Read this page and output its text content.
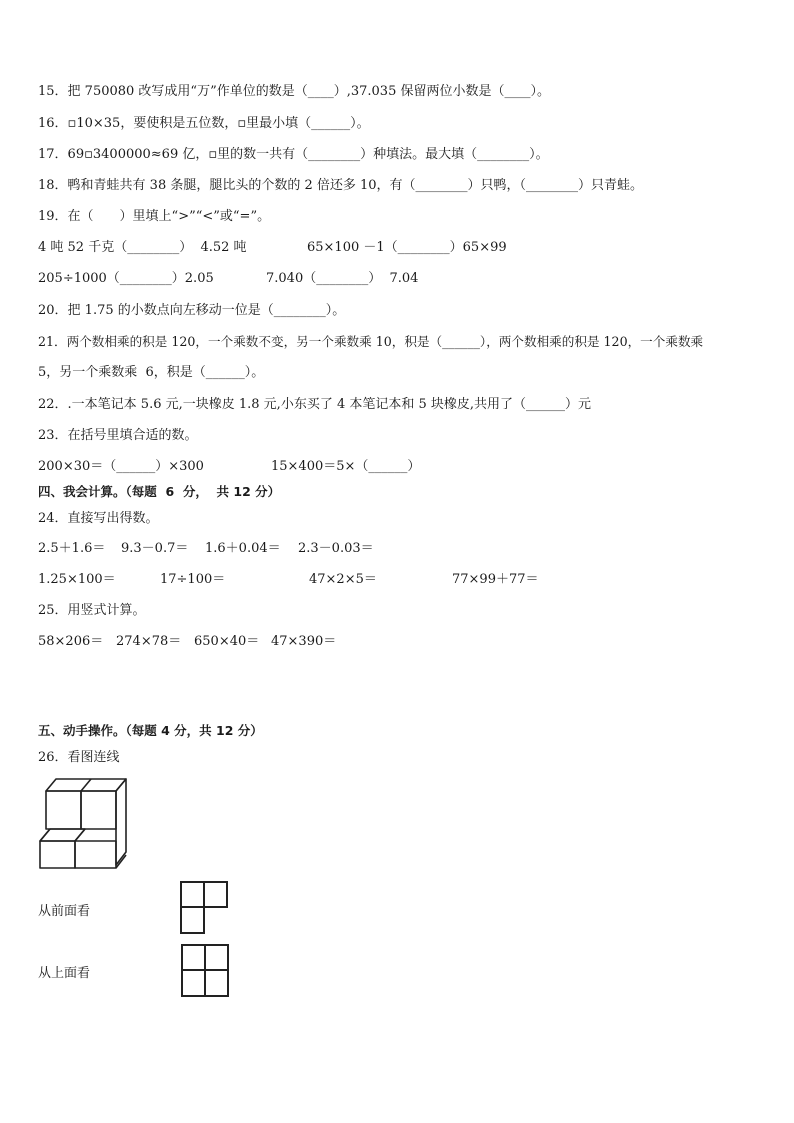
15．把 750080 改写成用“万”作单位的数是（____）,37.035 保留两位小数是（____）。
16．▫10×35，要使积是五位数，▫里最小填（______）。
17．69▫3400000≈69 亿，▫里的数一共有（________）种填法。最大填（________）。
18．鸭和青蛙共有 38 条腿，腿比头的个数的 2 倍还多 10，有（________）只鸭，（________）只青蛙。
19．在（　　）里填上“>”“<”或“=”。
4 吨 52 千克（________）  4.52 吨	65×100 －1（________）65×99
205÷1000（________）2.05	7.040（________）  7.04
20．把 1.75 的小数点向左移动一位是（________）。
21．两个数相乘的积是 120，一个乘数不变，另一个乘数乘 10，积是（______），两个数相乘的积是 120，一个乘数乘
5，另一个乘数乘  6，积是（______）。
22．.一本笔记本 5.6 元,一块橡皮 1.8 元,小东买了 4 本笔记本和 5 块橡皮,共用了（______）元
23．在括号里填合适的数。
200×30＝（______）×300	15×400＝5×（______）
四、我会计算。（每题  6  分，  共 12 分）
24．直接写出得数。
2.5＋1.6＝ 9.3－0.7＝ 1.6＋0.04＝ 2.3－0.03＝
1.25×100＝	17÷100＝	47×2×5＝	77×99＋77＝
25．用竖式计算。
58×206＝ 274×78＝ 650×40＝ 47×390＝
五、动手操作。（每题 4 分，共 12 分）
26．看图连线
从前面看
从上面看
